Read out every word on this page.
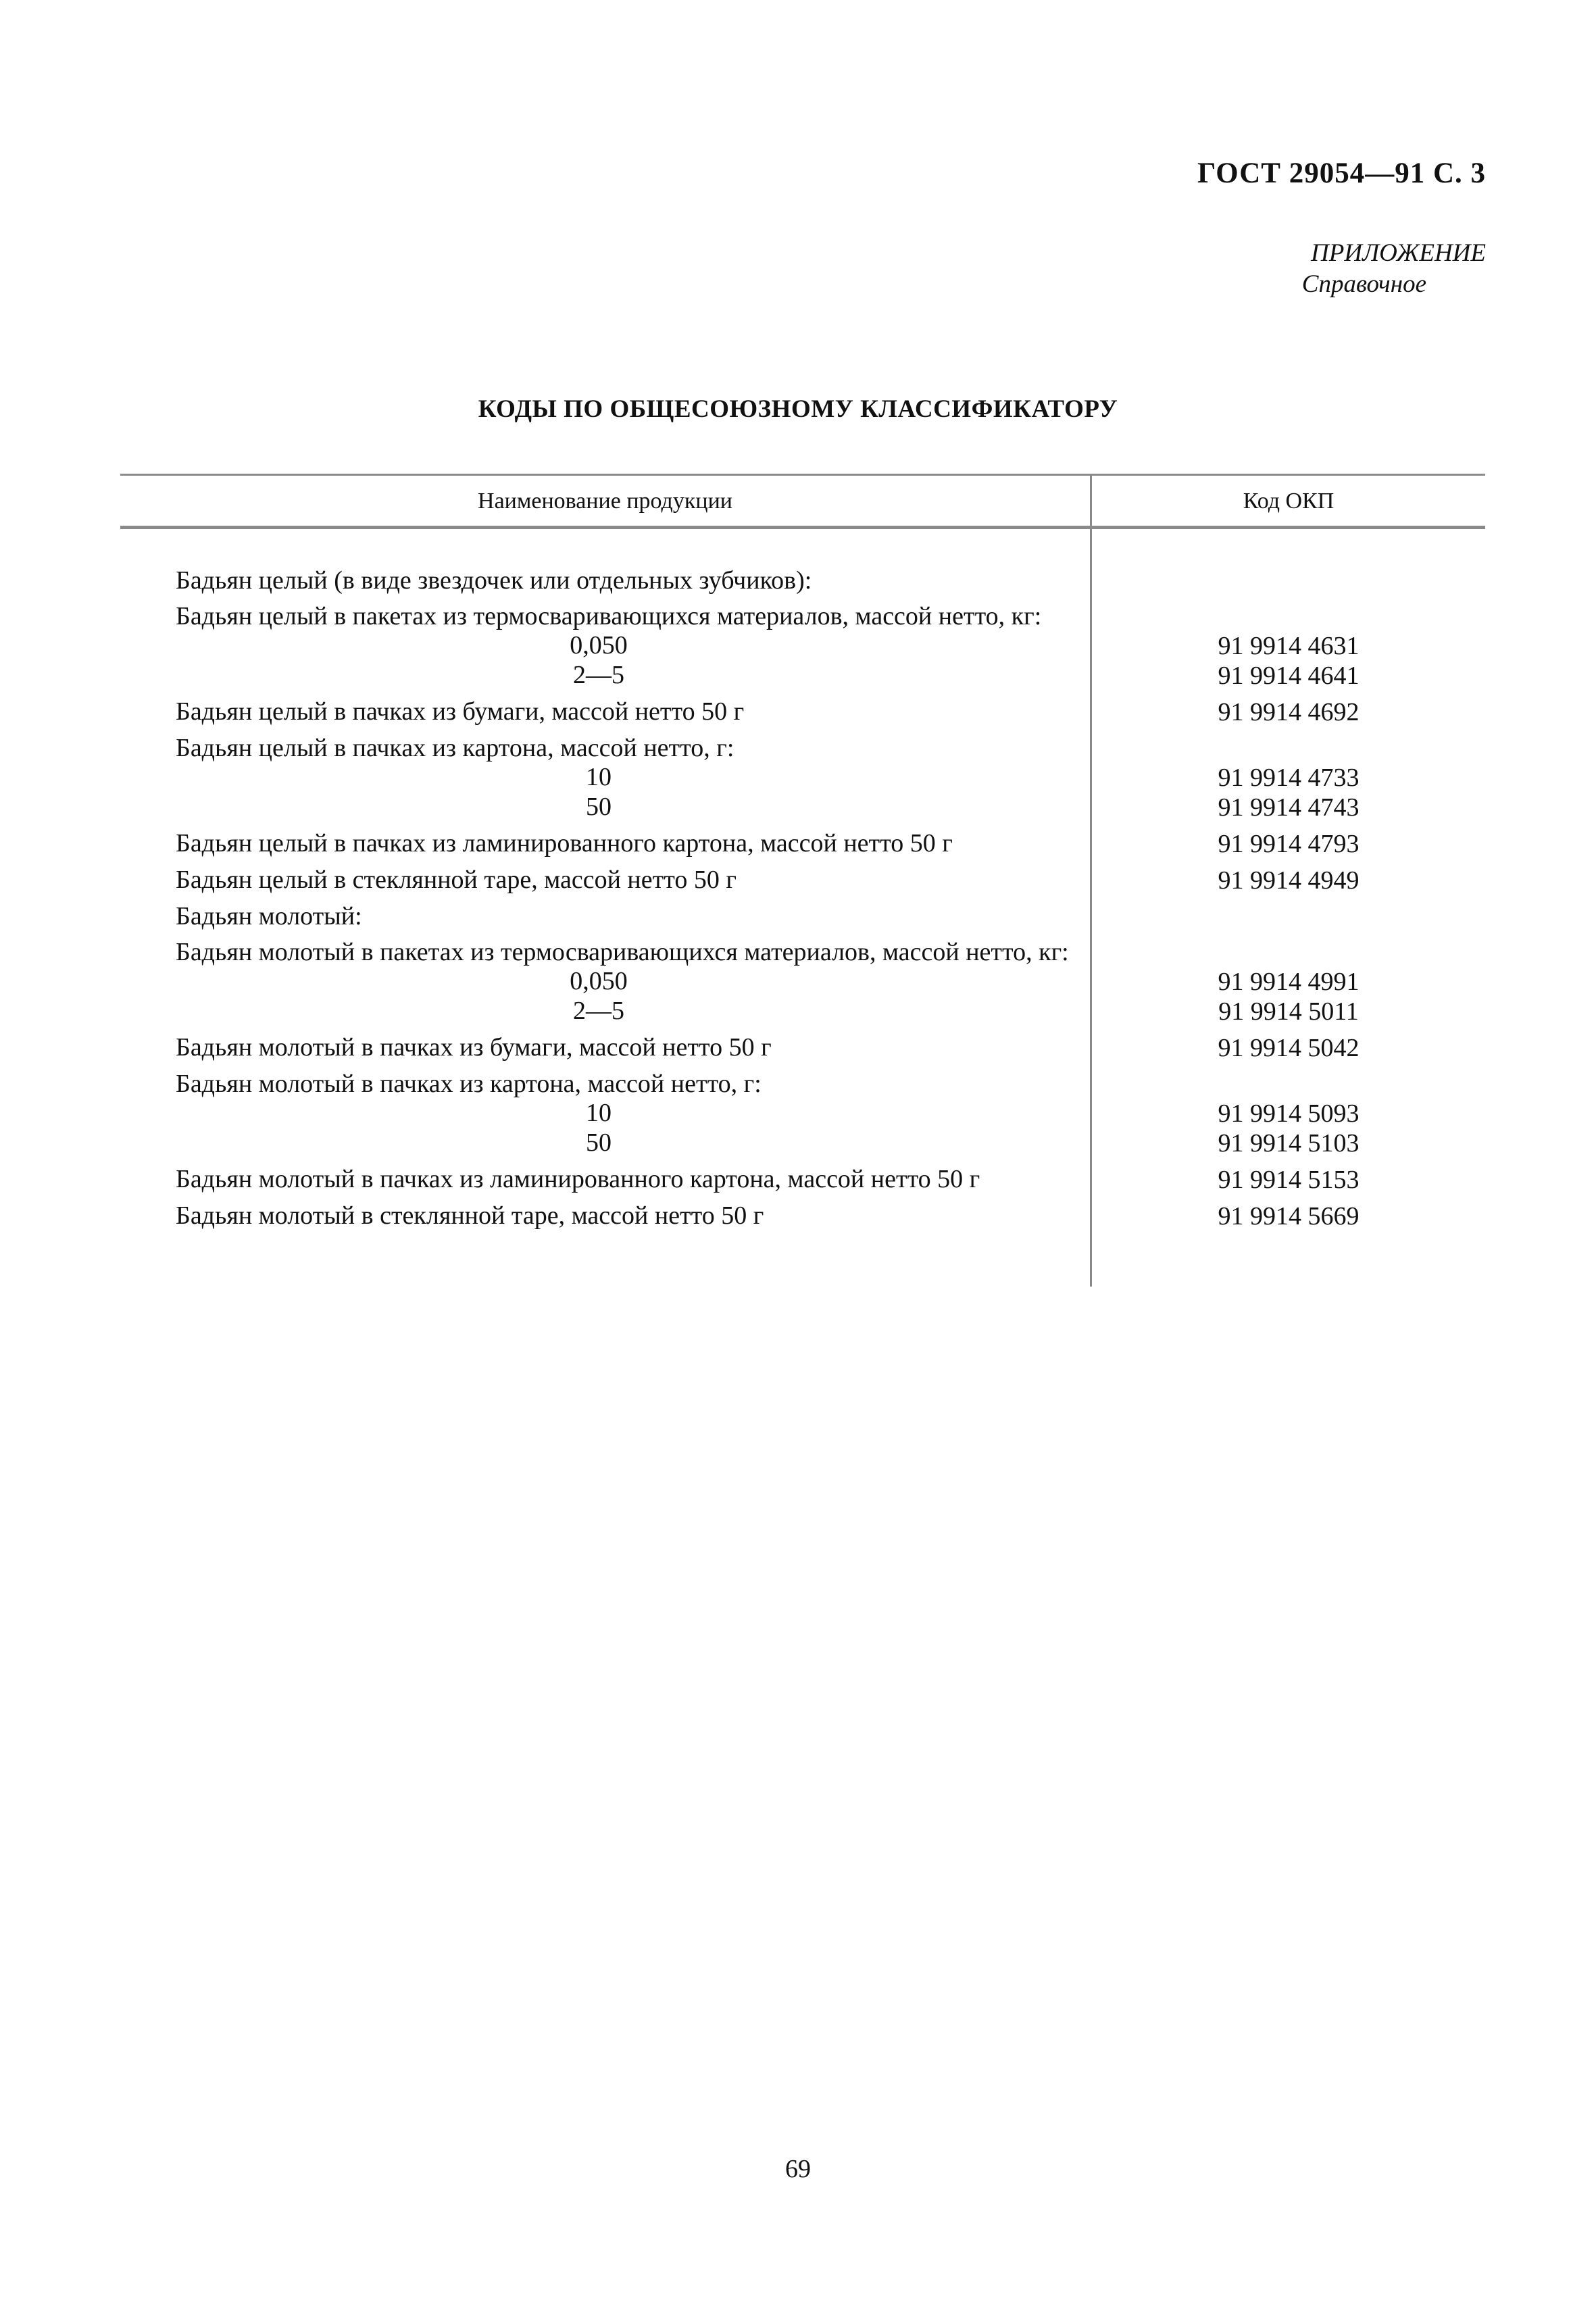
ГОСТ 29054—91 С. 3
ПРИЛОЖЕНИЕ
Справочное
КОДЫ ПО ОБЩЕСОЮЗНОМУ КЛАССИФИКАТОРУ
Наименование продукции	Код ОКП
Бадьян целый (в виде звездочек или отдельных зубчиков):
Бадьян целый в пакетах из термосваривающихся материалов, массой нетто, кг:
0,050	91 9914 4631
2—5	91 9914 4641
Бадьян целый в пачках из бумаги, массой нетто 50 г	91 9914 4692
Бадьян целый в пачках из картона, массой нетто, г:
10	91 9914 4733
50	91 9914 4743
Бадьян целый в пачках из ламинированного картона, массой нетто 50 г	91 9914 4793
Бадьян целый в стеклянной таре, массой нетто 50 г	91 9914 4949
Бадьян молотый:
Бадьян молотый в пакетах из термосваривающихся материалов, массой нетто, кг:
0,050	91 9914 4991
2—5	91 9914 5011
Бадьян молотый в пачках из бумаги, массой нетто 50 г	91 9914 5042
Бадьян молотый в пачках из картона, массой нетто, г:
10	91 9914 5093
50	91 9914 5103
Бадьян молотый в пачках из ламинированного картона, массой нетто 50 г	91 9914 5153
Бадьян молотый в стеклянной таре, массой нетто 50 г	91 9914 5669
69
